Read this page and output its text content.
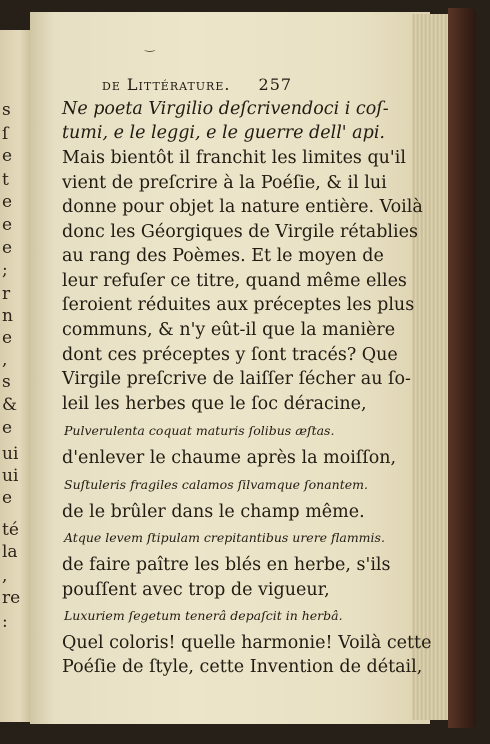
s
ſ
e
t
e
e
e
;
r
n
e
,
s
&
e
ui
ui
e
té
la
,
re
:
‿
de Littérature. 257
Ne poeta Virgilio deſcrivendoci i coſ-
tumi, e le leggi, e le guerre dell' api.
Mais bientôt il franchit les limites qu'il
vient de preſcrire à la Poéſie, & il lui
donne pour objet la nature entière. Voilà
donc les Géorgiques de Virgile rétablies
au rang des Poèmes. Et le moyen de
leur refuſer ce titre, quand même elles
ſeroient réduites aux préceptes les plus
communs, & n'y eût-il que la manière
dont ces préceptes y ſont tracés? Que
Virgile preſcrive de laiſſer ſécher au ſo-
leil les herbes que le ſoc déracine,
Pulverulenta coquat maturis ſolibus æſtas.
d'enlever le chaume après la moiſſon,
Suſtuleris fragiles calamos ſilvamque ſonantem.
de le brûler dans le champ même.
Atque levem ſtipulam crepitantibus urere flammis.
de faire paître les blés en herbe, s'ils
pouſſent avec trop de vigueur,
Luxuriem ſegetum tenerâ depaſcit in herbâ.
Quel coloris! quelle harmonie! Voilà cette
Poéſie de ſtyle, cette Invention de détail,
